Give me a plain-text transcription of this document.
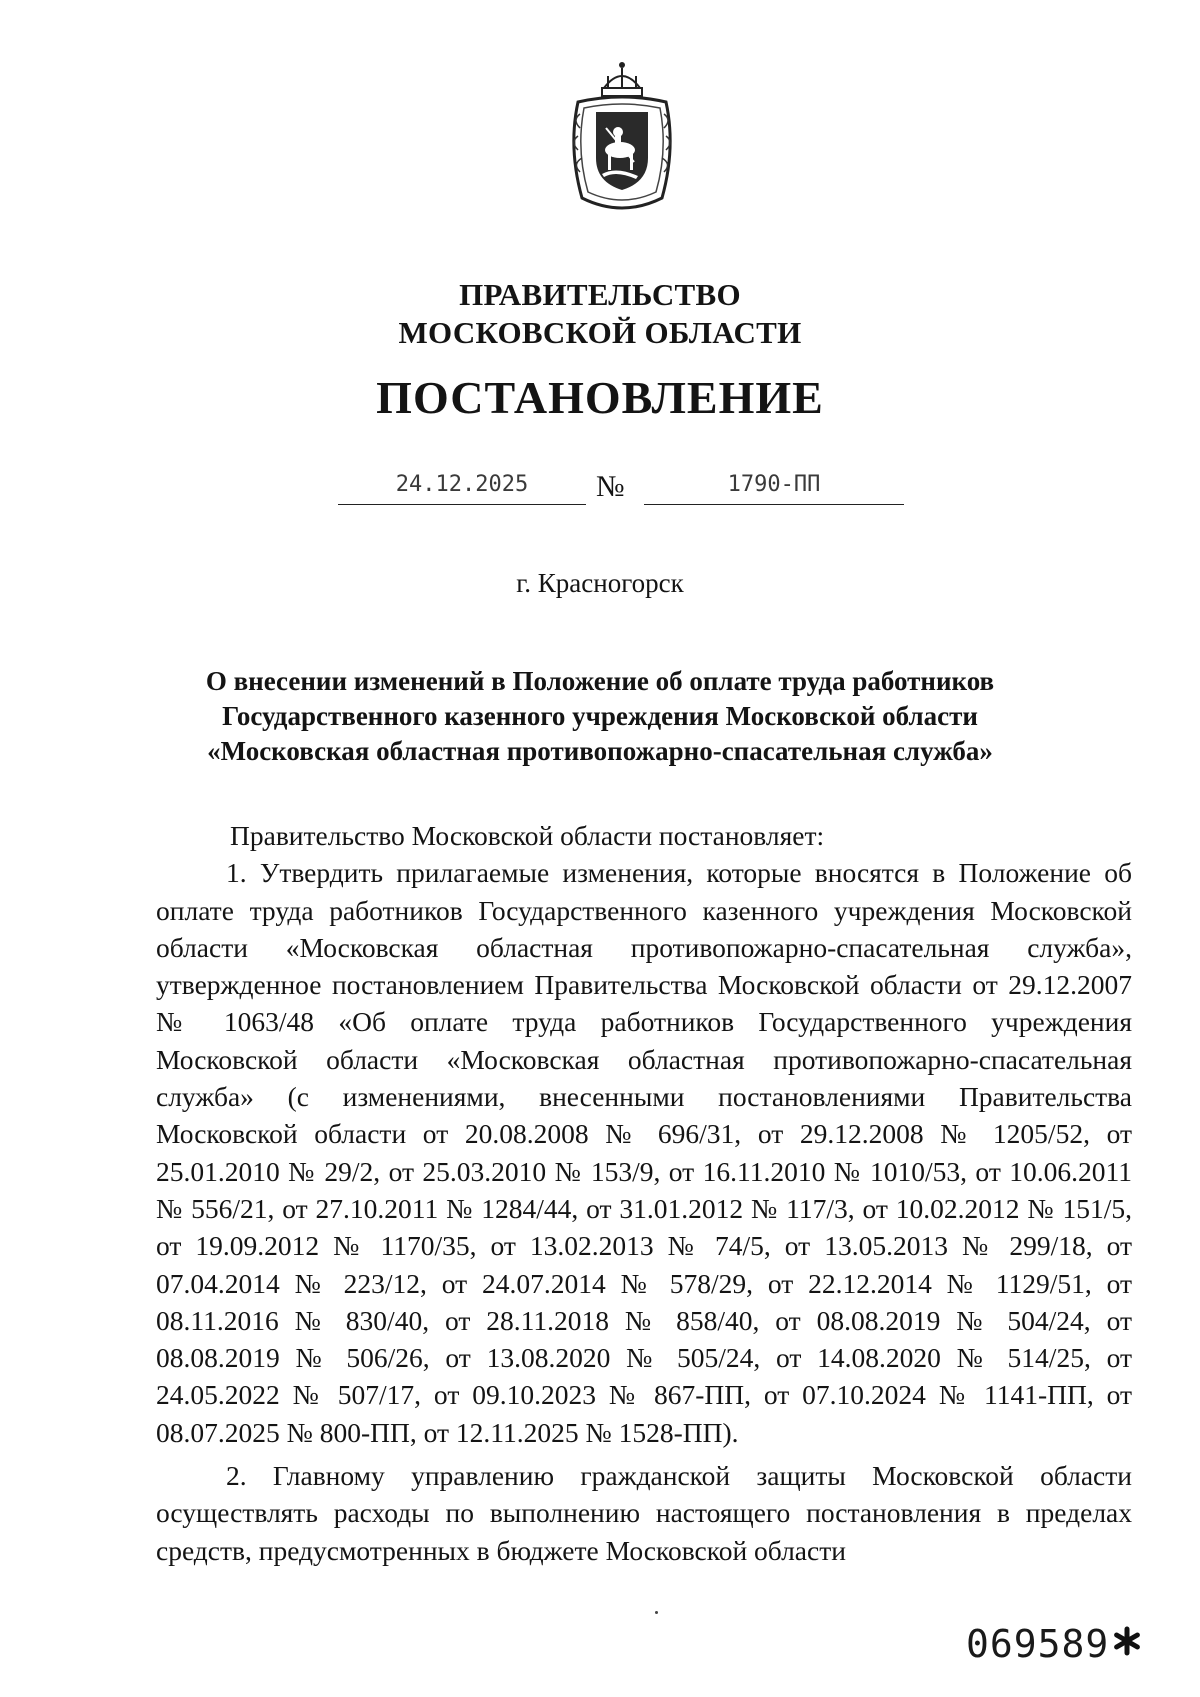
ПРАВИТЕЛЬСТВО
МОСКОВСКОЙ ОБЛАСТИ
ПОСТАНОВЛЕНИЕ
24.12.2025	№	1790-ПП
г. Красногорск
О внесении изменений в Положение об оплате труда работников
Государственного казенного учреждения Московской области
«Московская областная противопожарно-спасательная служба»

Правительство Московской области постановляет:

1. Утвердить прилагаемые изменения, которые вносятся в Положение об оплате труда работников Государственного казенного учреждения Московской области «Московская областная противопожарно-спасательная служба», утвержденное постановлением Правительства Московской области от 29.12.2007 № 1063/48 «Об оплате труда работников Государственного учреждения Московской области «Московская областная противопожарно-спасательная служба» (с изменениями, внесенными постановлениями Правительства Московской области от 20.08.2008 № 696/31, от 29.12.2008 № 1205/52, от 25.01.2010 № 29/2, от 25.03.2010 № 153/9, от 16.11.2010 № 1010/53, от 10.06.2011 № 556/21, от 27.10.2011 № 1284/44, от 31.01.2012 № 117/3, от 10.02.2012 № 151/5, от 19.09.2012 № 1170/35, от 13.02.2013 № 74/5, от 13.05.2013 № 299/18, от 07.04.2014 № 223/12, от 24.07.2014 № 578/29, от 22.12.2014 № 1129/51, от 08.11.2016 № 830/40, от 28.11.2018 № 858/40, от 08.08.2019 № 504/24, от 08.08.2019 № 506/26, от 13.08.2020 № 505/24, от 14.08.2020 № 514/25, от 24.05.2022 № 507/17, от 09.10.2023 № 867-ПП, от 07.10.2024 № 1141-ПП, от 08.07.2025 № 800-ПП, от 12.11.2025 № 1528-ПП).

2. Главному управлению гражданской защиты Московской области осуществлять расходы по выполнению настоящего постановления в пределах средств, предусмотренных в бюджете Московской области

069589
